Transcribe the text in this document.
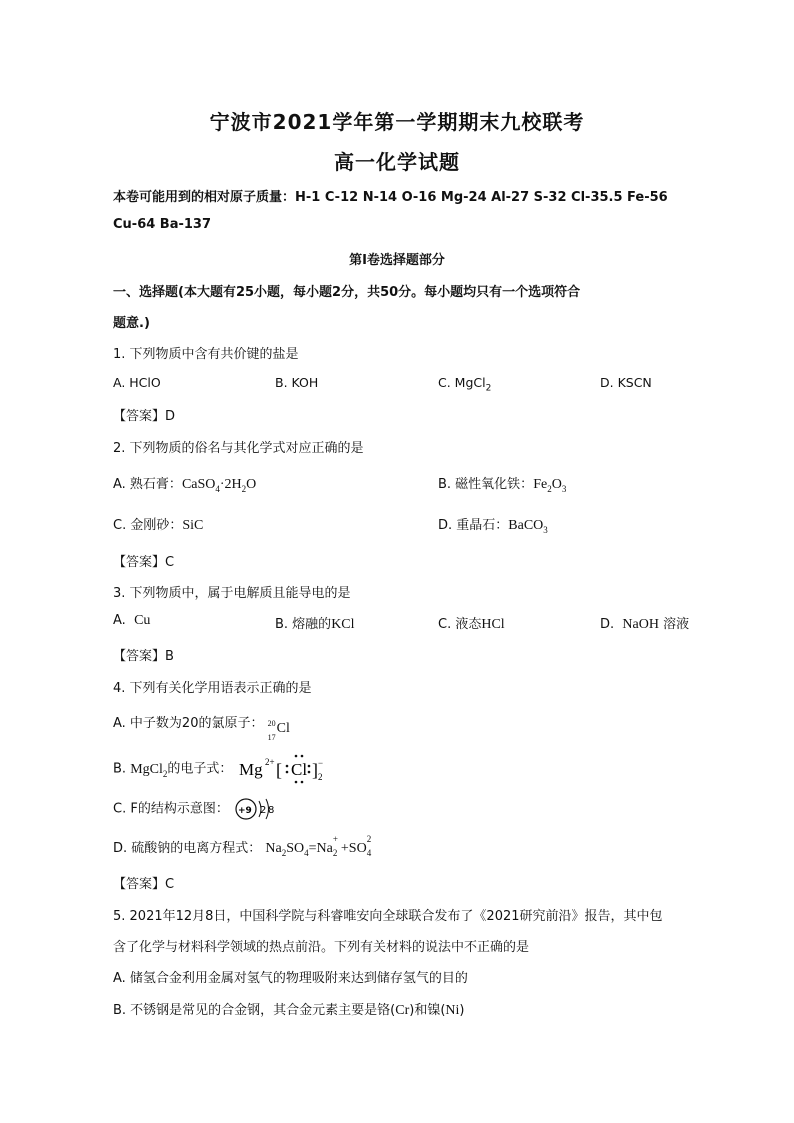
宁波市2021学年第一学期期末九校联考
高一化学试题
本卷可能用到的相对原子质量：H-1 C-12 N-14 O-16 Mg-24 Al-27 S-32 Cl-35.5 Fe-56
Cu-64 Ba-137
第Ⅰ卷选择题部分
一、选择题(本大题有25小题，每小题2分，共50分。每小题均只有一个选项符合
题意.)
1. 下列物质中含有共价键的盐是
A. HClO	B. KOH	C. MgCl$_2$	D. KSCN
【答案】D
2. 下列物质的俗名与其化学式对应正确的是
A. 熟石膏：$CaSO_4\cdot 2H_2O$	B. 磁性氧化铁：$Fe_2O_3$
C. 金刚砂：SiC	D. 重晶石：BaCO$_3$
【答案】C
3. 下列物质中，属于电解质且能导电的是
A. Cu	B. 熔融的KCl	C. 液态HCl	D. NaOH 溶液
【答案】B
4. 下列有关化学用语表示正确的是
A. 中子数为20的氯原子： 20
17
Cl
B. MgCl$_2$的电子式： Mg 2+ [ Cl ] −
2
C. F的结构示意图： +9 2 8
D. 硫酸钠的电离方程式： $Na_2SO_4=Na_2$
+
$+SO_4$
2
【答案】C
5. 2021年12月8日，中国科学院与科睿唯安向全球联合发布了《2021研究前沿》报告，其中包
含了化学与材料科学领域的热点前沿。下列有关材料的说法中不正确的是
A. 储氢合金利用金属对氢气的物理吸附来达到储存氢气的目的
B. 不锈钢是常见的合金钢，其合金元素主要是铬(Cr)和镍(Ni)
